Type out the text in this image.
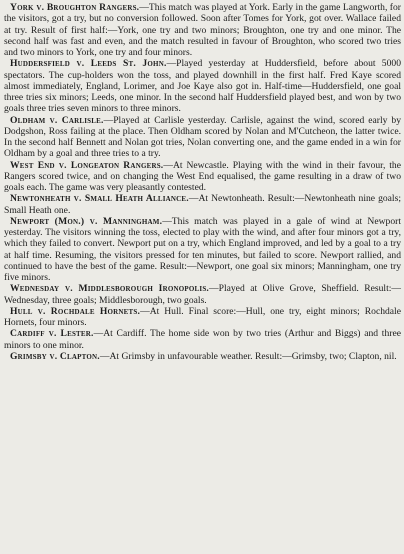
York v. Broughton Rangers.—This match was played at York. Early in the game Langworth, for the visitors, got a try, but no conversion followed. Soon after Tomes for York, got over. Wallace failed at try. Result of first half:—York, one try and two minors; Broughton, one try and one minor. The second half was fast and even, and the match resulted in favour of Broughton, who scored two tries and two minors to York, one try and four minors.

Huddersfield v. Leeds St. John.—Played yesterday at Huddersfield, before about 5000 spectators. The cup-holders won the toss, and played downhill in the first half. Fred Kaye scored almost immediately, England, Lorimer, and Joe Kaye also got in. Half-time—Huddersfield, one goal three tries six minors; Leeds, one minor. In the second half Huddersfield played best, and won by two goals three tries seven minors to three minors.

Oldham v. Carlisle.—Played at Carlisle yesterday. Carlisle, against the wind, scored early by Dodgshon, Ross failing at the place. Then Oldham scored by Nolan and M'Cutcheon, the latter twice. In the second half Bennett and Nolan got tries, Nolan converting one, and the game ended in a win for Oldham by a goal and three tries to a try.

West End v. Longeaton Rangers.—At Newcastle. Playing with the wind in their favour, the Rangers scored twice, and on changing the West End equalised, the game resulting in a draw of two goals each. The game was very pleasantly contested.

Newtonheath v. Small Heath Alliance.—At Newtonheath. Result:—Newtonheath nine goals; Small Heath one.

Newport (Mon.) v. Manningham.—This match was played in a gale of wind at Newport yesterday. The visitors winning the toss, elected to play with the wind, and after four minors got a try, which they failed to convert. Newport put on a try, which England improved, and led by a goal to a try at half time. Resuming, the visitors pressed for ten minutes, but failed to score. Newport rallied, and continued to have the best of the game. Result:—Newport, one goal six minors; Manningham, one try five minors.

Wednesday v. Middlesborough Ironopolis.—Played at Olive Grove, Sheffield. Result:—Wednesday, three goals; Middlesborough, two goals.

Hull v. Rochdale Hornets.—At Hull. Final score:—Hull, one try, eight minors; Rochdale Hornets, four minors.

Cardiff v. Lester.—At Cardiff. The home side won by two tries (Arthur and Biggs) and three minors to one minor.

Grimsby v. Clapton.—At Grimsby in unfavourable weather. Result:—Grimsby, two; Clapton, nil.
